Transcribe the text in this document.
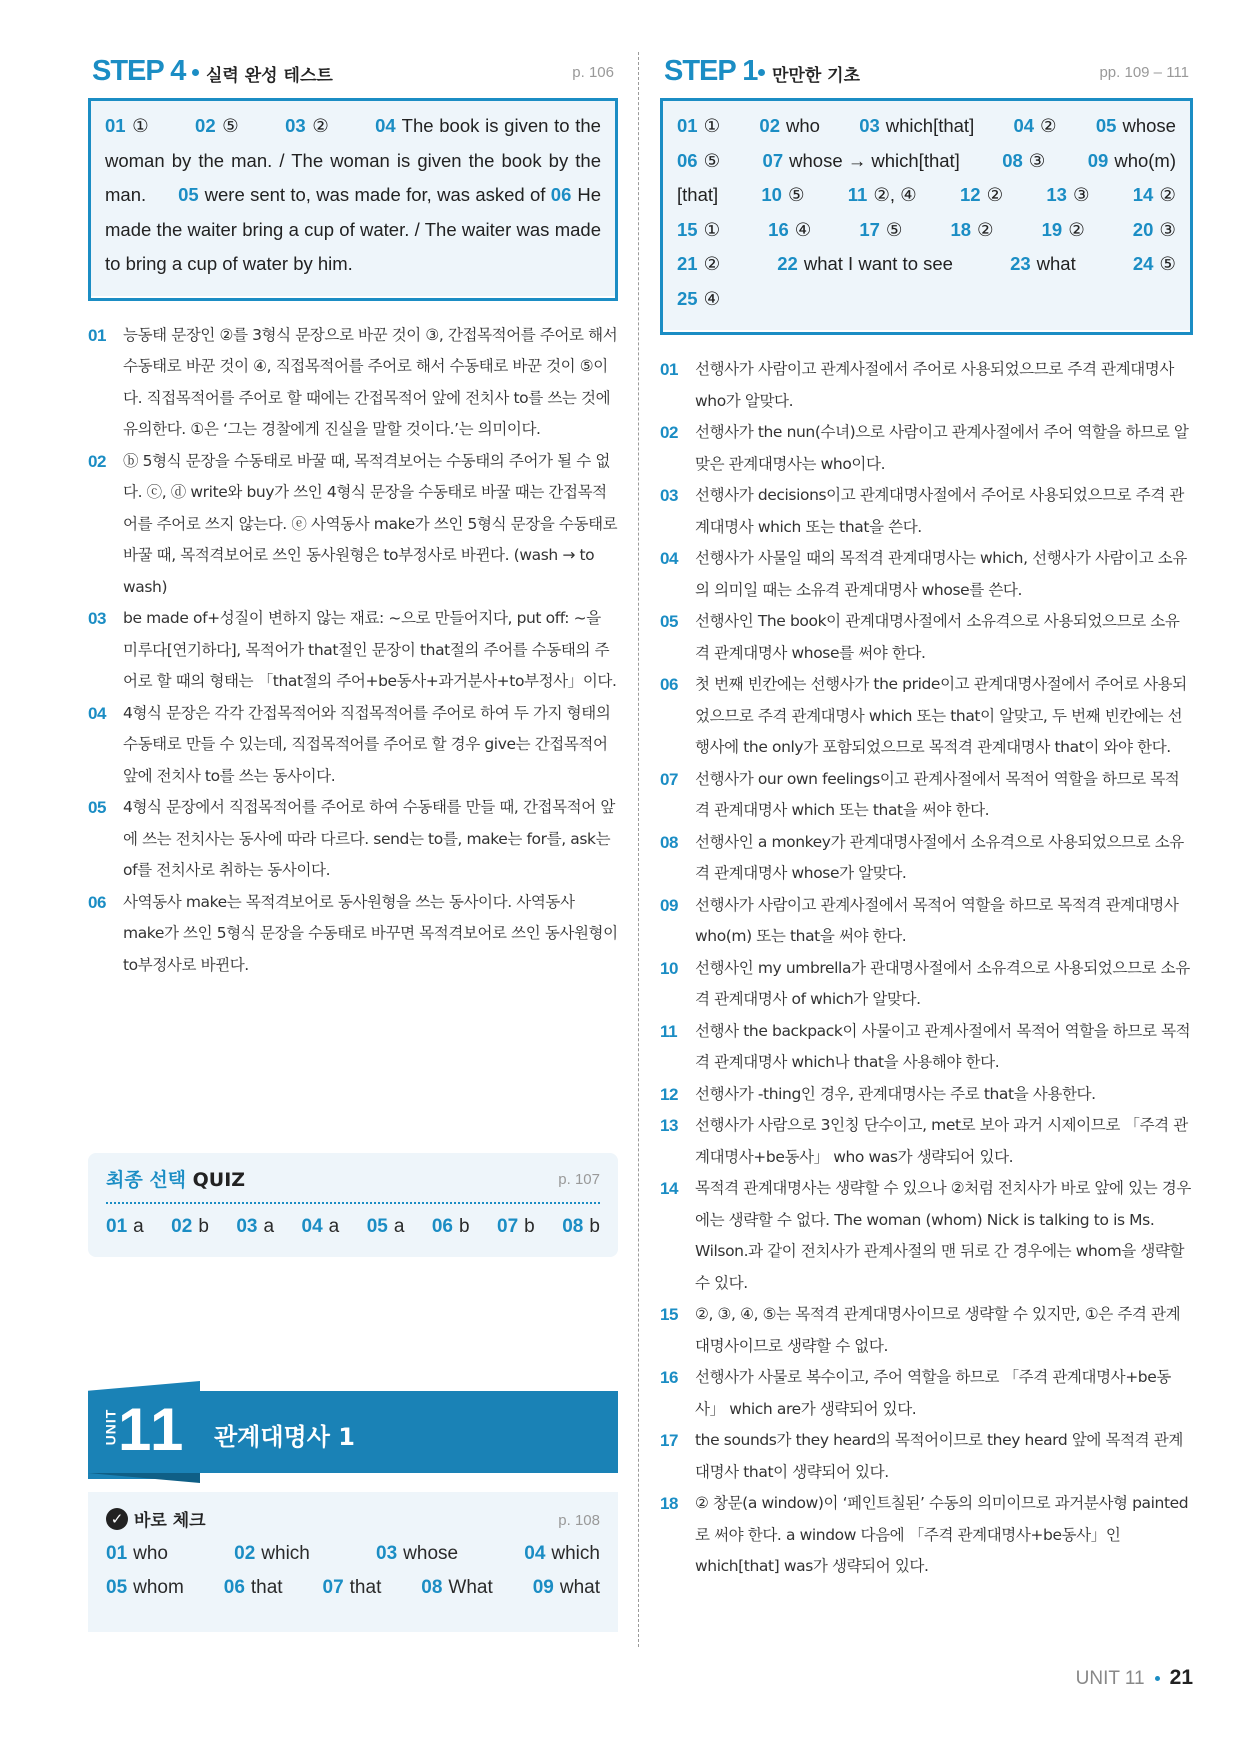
STEP 4 실력 완성 테스트	p. 106
01 ① 02 ⑤ 03 ② 04 The book is given to the woman by the man. / The woman is given the book by the man. 05 were sent to, was made for, was asked of 06 He made the waiter bring a cup of water. / The waiter was made to bring a cup of water by him.
01	능동태 문장인 ②를 3형식 문장으로 바꾼 것이 ③, 간접목적어를 주어로 해서 수동태로 바꾼 것이 ④, 직접목적어를 주어로 해서 수동태로 바꾼 것이 ⑤이다. 직접목적어를 주어로 할 때에는 간접목적어 앞에 전치사 to를 쓰는 것에 유의한다. ①은 ‘그는 경찰에게 진실을 말할 것이다.’는 의미이다.
02	ⓑ 5형식 문장을 수동태로 바꿀 때, 목적격보어는 수동태의 주어가 될 수 없다. ⓒ, ⓓ write와 buy가 쓰인 4형식 문장을 수동태로 바꿀 때는 간접목적어를 주어로 쓰지 않는다. ⓔ 사역동사 make가 쓰인 5형식 문장을 수동태로 바꿀 때, 목적격보어로 쓰인 동사원형은 to부정사로 바뀐다. (wash → to wash)
03	be made of+성질이 변하지 않는 재료: ~으로 만들어지다, put off: ~을 미루다[연기하다], 목적어가 that절인 문장이 that절의 주어를 수동태의 주어로 할 때의 형태는 「that절의 주어+be동사+과거분사+to부정사」이다.
04	4형식 문장은 각각 간접목적어와 직접목적어를 주어로 하여 두 가지 형태의 수동태로 만들 수 있는데, 직접목적어를 주어로 할 경우 give는 간접목적어 앞에 전치사 to를 쓰는 동사이다.
05	4형식 문장에서 직접목적어를 주어로 하여 수동태를 만들 때, 간접목적어 앞에 쓰는 전치사는 동사에 따라 다르다. send는 to를, make는 for를, ask는 of를 전치사로 취하는 동사이다.
06	사역동사 make는 목적격보어로 동사원형을 쓰는 동사이다. 사역동사 make가 쓰인 5형식 문장을 수동태로 바꾸면 목적격보어로 쓰인 동사원형이 to부정사로 바뀐다.
최종 선택 QUIZ	p. 107
01 a 02 b 03 a 04 a 05 a 06 b 07 b 08 b
UNIT 11 관계대명사 1
✓ 바로 체크	p. 108
01 who	02 which	03 whose	04 which
05 whom 06 that 07 that 08 What 09 what
STEP 1 만만한 기초	pp. 109 – 111
01 ① 02 who 03 which[that] 04 ② 05 whose
06 ⑤ 07 whose → which[that] 08 ③ 09 who(m)
[that] 10 ⑤ 11 ②, ④ 12 ② 13 ③ 14 ②
15 ①	16 ④	17 ⑤	18 ②	19 ②	20 ③
21 ②	22 what I want to see	23 what	24 ⑤
25 ④
01	선행사가 사람이고 관계사절에서 주어로 사용되었으므로 주격 관계대명사 who가 알맞다.
02	선행사가 the nun(수녀)으로 사람이고 관계사절에서 주어 역할을 하므로 알맞은 관계대명사는 who이다.
03	선행사가 decisions이고 관계대명사절에서 주어로 사용되었으므로 주격 관계대명사 which 또는 that을 쓴다.
04	선행사가 사물일 때의 목적격 관계대명사는 which, 선행사가 사람이고 소유의 의미일 때는 소유격 관계대명사 whose를 쓴다.
05	선행사인 The book이 관계대명사절에서 소유격으로 사용되었으므로 소유격 관계대명사 whose를 써야 한다.
06	첫 번째 빈칸에는 선행사가 the pride이고 관계대명사절에서 주어로 사용되었으므로 주격 관계대명사 which 또는 that이 알맞고, 두 번째 빈칸에는 선행사에 the only가 포함되었으므로 목적격 관계대명사 that이 와야 한다.
07	선행사가 our own feelings이고 관계사절에서 목적어 역할을 하므로 목적격 관계대명사 which 또는 that을 써야 한다.
08	선행사인 a monkey가 관계대명사절에서 소유격으로 사용되었으므로 소유격 관계대명사 whose가 알맞다.
09	선행사가 사람이고 관계사절에서 목적어 역할을 하므로 목적격 관계대명사 who(m) 또는 that을 써야 한다.
10	선행사인 my umbrella가 관대명사절에서 소유격으로 사용되었으므로 소유격 관계대명사 of which가 알맞다.
11	선행사 the backpack이 사물이고 관계사절에서 목적어 역할을 하므로 목적격 관계대명사 which나 that을 사용해야 한다.
12	선행사가 -thing인 경우, 관계대명사는 주로 that을 사용한다.
13	선행사가 사람으로 3인칭 단수이고, met로 보아 과거 시제이므로 「주격 관계대명사+be동사」 who was가 생략되어 있다.
14	목적격 관계대명사는 생략할 수 있으나 ②처럼 전치사가 바로 앞에 있는 경우에는 생략할 수 없다. The woman (whom) Nick is talking to is Ms. Wilson.과 같이 전치사가 관계사절의 맨 뒤로 간 경우에는 whom을 생략할 수 있다.
15	②, ③, ④, ⑤는 목적격 관계대명사이므로 생략할 수 있지만, ①은 주격 관계대명사이므로 생략할 수 없다.
16	선행사가 사물로 복수이고, 주어 역할을 하므로 「주격 관계대명사+be동사」 which are가 생략되어 있다.
17	the sounds가 they heard의 목적어이므로 they heard 앞에 목적격 관계대명사 that이 생략되어 있다.
18	② 창문(a window)이 ‘페인트칠된’ 수동의 의미이므로 과거분사형 painted로 써야 한다. a window 다음에 「주격 관계대명사+be동사」인 which[that] was가 생략되어 있다.
UNIT 11 21
